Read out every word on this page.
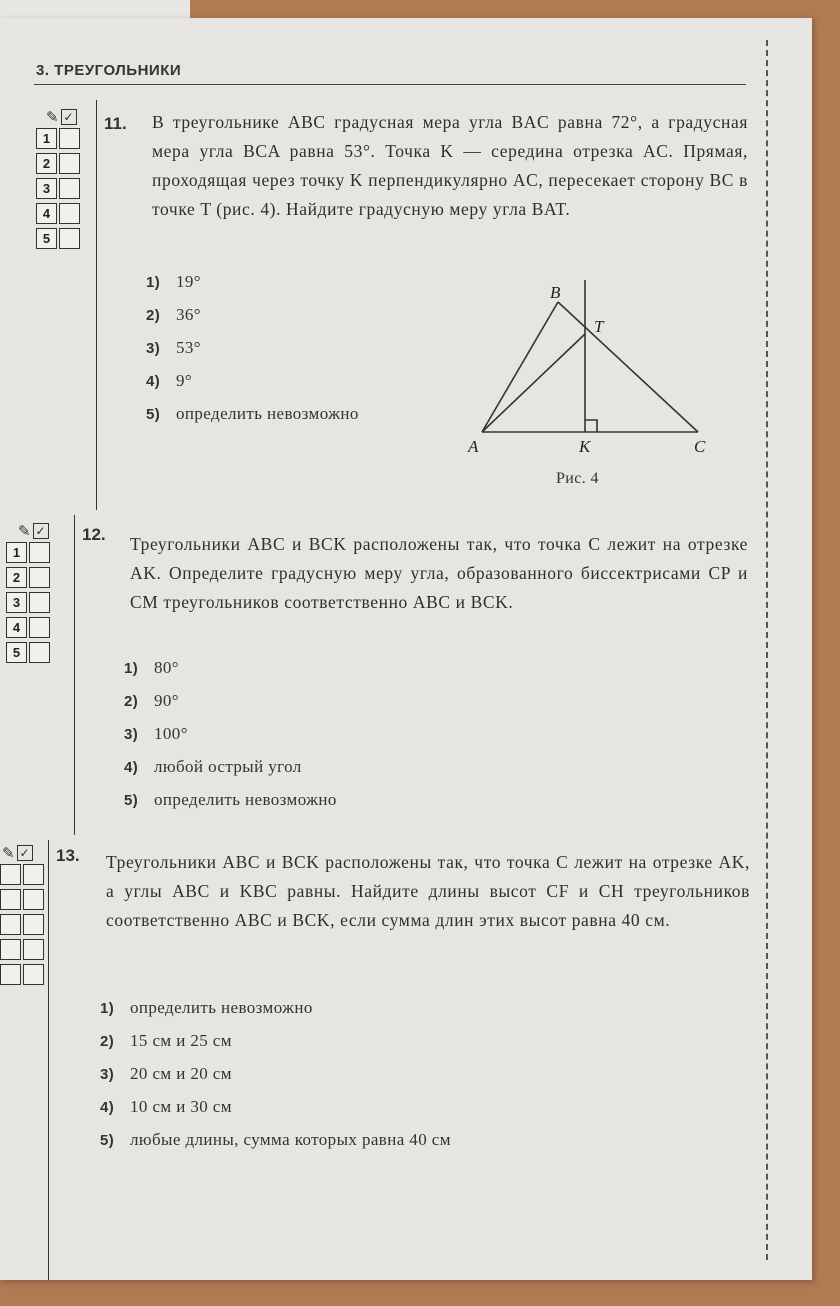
3. ТРЕУГОЛЬНИКИ
✎ ✓
1
2
3
4
5
11. В треугольнике ABC градусная мера угла BAC равна 72°, а градусная мера угла BCA равна 53°. Точка K — середина отрезка AC. Прямая, проходящая через точку K перпендикулярно AC, пересекает сторону BC в точке T (рис. 4). Найдите градусную меру угла BAT.
1) 19°
2) 36°
3) 53°
4) 9°
5) определить невозможно
A
B
C
K
T
Рис. 4
✎ ✓
1
2
3
4
5
12. Треугольники ABC и BCK расположены так, что точка C лежит на отрезке AK. Определите градусную меру угла, образованного биссектрисами CP и CM треугольников соответственно ABC и BCK.
1) 80°
2) 90°
3) 100°
4) любой острый угол
5) определить невозможно
✎ ✓ 13. Треугольники ABC и BCK расположены так, что точка C лежит на отрезке AK, а углы ABC и KBC равны. Найдите длины высот CF и CH треугольников соответственно ABC и BCK, если сумма длин этих высот равна 40 см.
1) определить невозможно
2) 15 см и 25 см
3) 20 см и 20 см
4) 10 см и 30 см
5) любые длины, сумма которых равна 40 см
